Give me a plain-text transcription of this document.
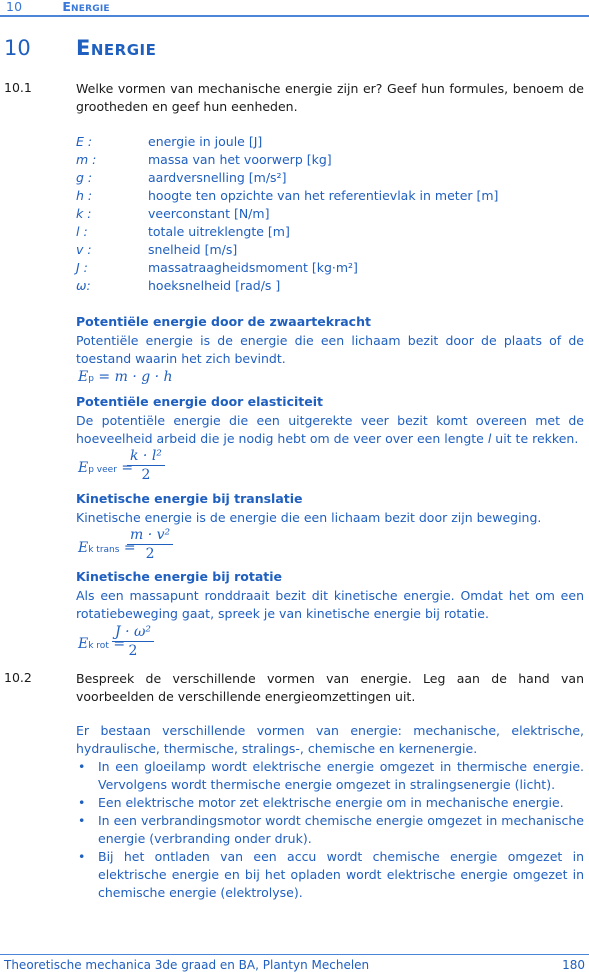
10	Energie
10 Energie
10.1	Welke vormen van mechanische energie zijn er? Geef hun formules, benoem de grootheden en geef hun eenheden.
E :	energie in joule [J]
m :	massa van het voorwerp [kg]
g :	aardversnelling [m/s²]
h :	hoogte ten opzichte van het referentievlak in meter [m]
k :	veerconstant [N/m]
l :	totale uitreklengte [m]
v :	snelheid [m/s]
J :	massatraagheidsmoment [kg·m²]
ω:	hoeksnelheid [rad/s ]
Potentiële energie door de zwaartekracht
Potentiële energie is de energie die een lichaam bezit door de plaats of de toestand waarin het zich bevindt.
Ep = m · g · h
Potentiële energie door elasticiteit
De potentiële energie die een uitgerekte veer bezit komt overeen met de hoeveelheid arbeid die je nodig hebt om de veer over een lengte l uit te rekken.
Ep veer =
$\frac{\text{k · l²}}{2}$
Kinetische energie bij translatie
Kinetische energie is de energie die een lichaam bezit door zijn beweging.
Ek trans =
$\frac{\text{m · v²}}{2}$
Kinetische energie bij rotatie
Als een massapunt ronddraait bezit dit kinetische energie. Omdat het om een rotatiebeweging gaat, spreek je van kinetische energie bij rotatie.
Ek rot =
$\frac{\text{J · ω²}}{2}$
10.2	Bespreek de verschillende vormen van energie. Leg aan de hand van voorbeelden de verschillende energieomzettingen uit.
Er bestaan verschillende vormen van energie: mechanische, elektrische, hydraulische, thermische, stralings-, chemische en kernenergie.
• In een gloeilamp wordt elektrische energie omgezet in thermische energie. Vervolgens wordt thermische energie omgezet in stralingsenergie (licht).
• Een elektrische motor zet elektrische energie om in mechanische energie.
• In een verbrandingsmotor wordt chemische energie omgezet in mechanische energie (verbranding onder druk).
• Bij het ontladen van een accu wordt chemische energie omgezet in elektrische energie en bij het opladen wordt elektrische energie omgezet in chemische energie (elektrolyse).
Theoretische mechanica 3de graad en BA, Plantyn Mechelen	180
